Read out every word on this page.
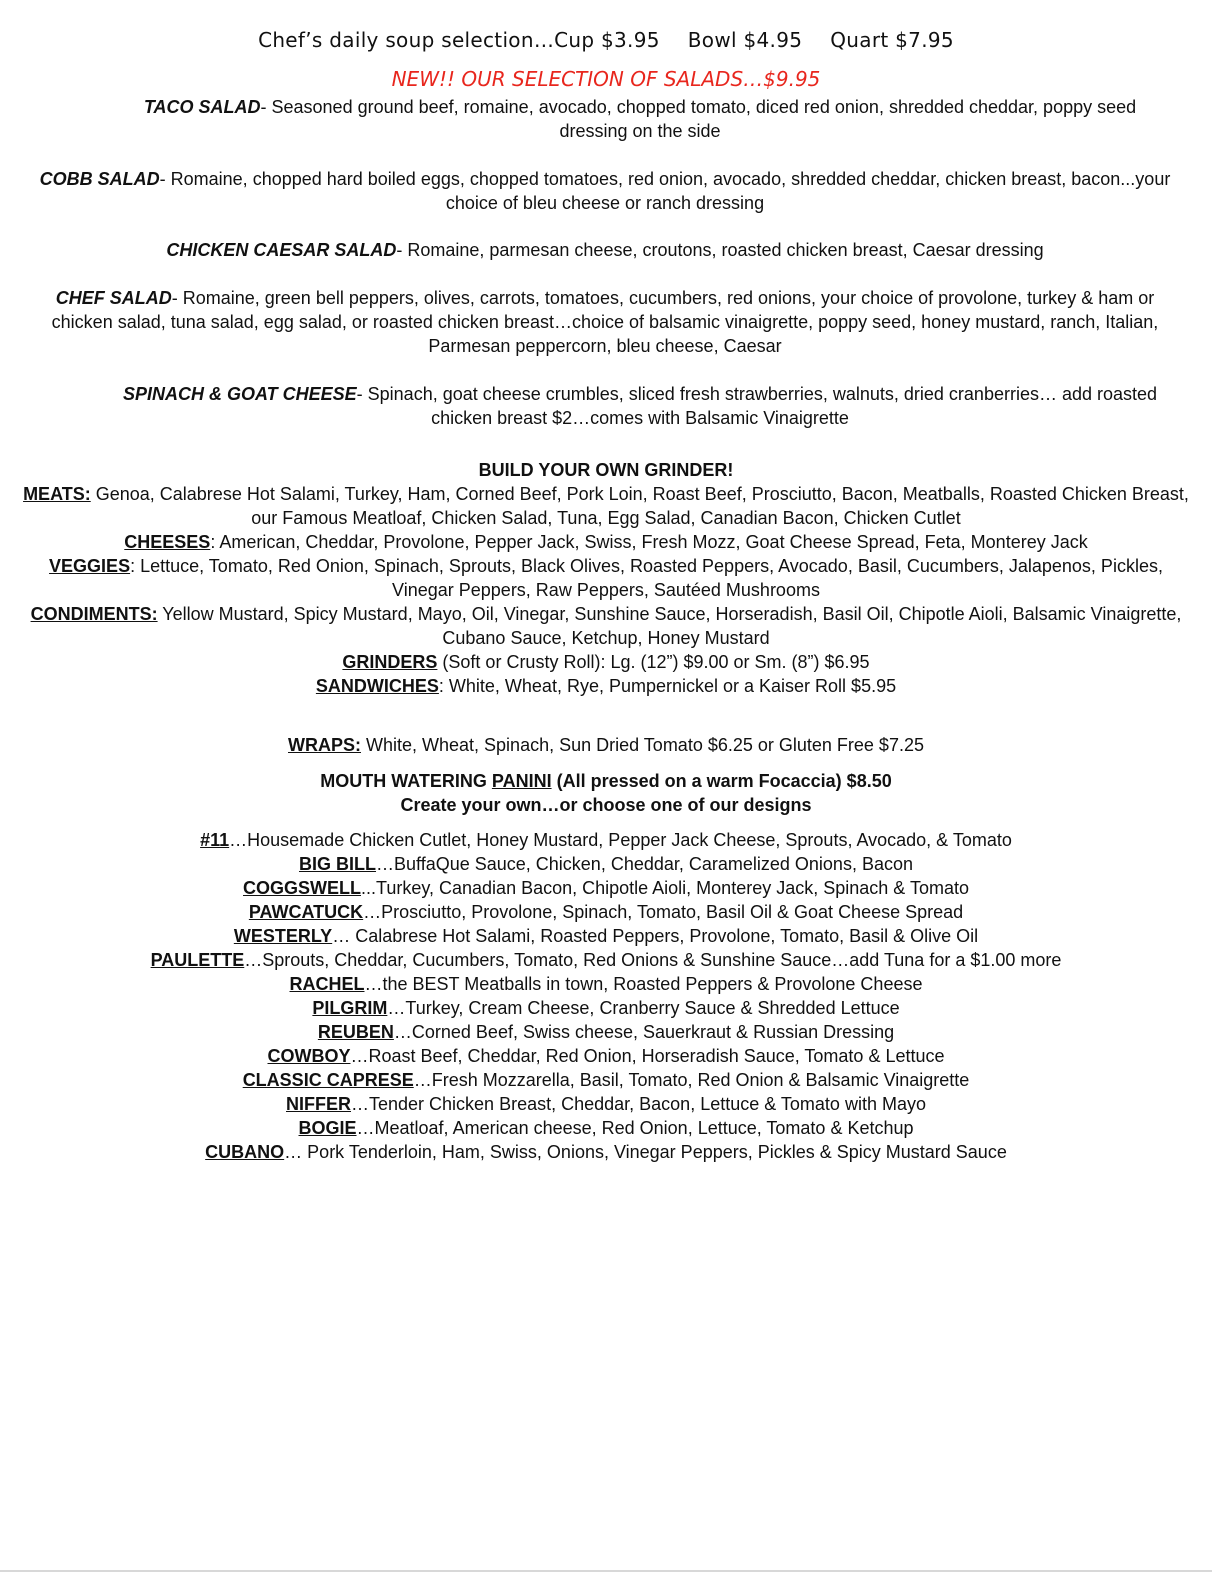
Chef’s daily soup selection…Cup $3.95 Bowl $4.95 Quart $7.95
NEW!! OUR SELECTION OF SALADS…$9.95
TACO SALAD- Seasoned ground beef, romaine, avocado, chopped tomato, diced red onion, shredded cheddar, poppy seed dressing on the side
COBB SALAD- Romaine, chopped hard boiled eggs, chopped tomatoes, red onion, avocado, shredded cheddar, chicken breast, bacon...your choice of bleu cheese or ranch dressing
CHICKEN CAESAR SALAD- Romaine, parmesan cheese, croutons, roasted chicken breast, Caesar dressing
CHEF SALAD- Romaine, green bell peppers, olives, carrots, tomatoes, cucumbers, red onions, your choice of provolone, turkey & ham or chicken salad, tuna salad, egg salad, or roasted chicken breast…choice of balsamic vinaigrette, poppy seed, honey mustard, ranch, Italian, Parmesan peppercorn, bleu cheese, Caesar
SPINACH & GOAT CHEESE- Spinach, goat cheese crumbles, sliced fresh strawberries, walnuts, dried cranberries… add roasted chicken breast $2…comes with Balsamic Vinaigrette
BUILD YOUR OWN GRINDER!
MEATS: Genoa, Calabrese Hot Salami, Turkey, Ham, Corned Beef, Pork Loin, Roast Beef, Prosciutto, Bacon, Meatballs, Roasted Chicken Breast, our Famous Meatloaf, Chicken Salad, Tuna, Egg Salad, Canadian Bacon, Chicken Cutlet
CHEESES: American, Cheddar, Provolone, Pepper Jack, Swiss, Fresh Mozz, Goat Cheese Spread, Feta, Monterey Jack
VEGGIES: Lettuce, Tomato, Red Onion, Spinach, Sprouts, Black Olives, Roasted Peppers, Avocado, Basil, Cucumbers, Jalapenos, Pickles, Vinegar Peppers, Raw Peppers, Sautéed Mushrooms
CONDIMENTS: Yellow Mustard, Spicy Mustard, Mayo, Oil, Vinegar, Sunshine Sauce, Horseradish, Basil Oil, Chipotle Aioli, Balsamic Vinaigrette, Cubano Sauce, Ketchup, Honey Mustard
GRINDERS (Soft or Crusty Roll): Lg. (12”) $9.00 or Sm. (8”) $6.95
SANDWICHES: White, Wheat, Rye, Pumpernickel or a Kaiser Roll $5.95
WRAPS: White, Wheat, Spinach, Sun Dried Tomato $6.25 or Gluten Free $7.25
MOUTH WATERING PANINI (All pressed on a warm Focaccia) $8.50
Create your own…or choose one of our designs
#11…Housemade Chicken Cutlet, Honey Mustard, Pepper Jack Cheese, Sprouts, Avocado, & Tomato
BIG BILL…BuffaQue Sauce, Chicken, Cheddar, Caramelized Onions, Bacon
COGGSWELL...Turkey, Canadian Bacon, Chipotle Aioli, Monterey Jack, Spinach & Tomato
PAWCATUCK…Prosciutto, Provolone, Spinach, Tomato, Basil Oil & Goat Cheese Spread
WESTERLY… Calabrese Hot Salami, Roasted Peppers, Provolone, Tomato, Basil & Olive Oil
PAULETTE…Sprouts, Cheddar, Cucumbers, Tomato, Red Onions & Sunshine Sauce…add Tuna for a $1.00 more
RACHEL…the BEST Meatballs in town, Roasted Peppers & Provolone Cheese
PILGRIM…Turkey, Cream Cheese, Cranberry Sauce & Shredded Lettuce
REUBEN…Corned Beef, Swiss cheese, Sauerkraut & Russian Dressing
COWBOY…Roast Beef, Cheddar, Red Onion, Horseradish Sauce, Tomato & Lettuce
CLASSIC CAPRESE…Fresh Mozzarella, Basil, Tomato, Red Onion & Balsamic Vinaigrette
NIFFER…Tender Chicken Breast, Cheddar, Bacon, Lettuce & Tomato with Mayo
BOGIE…Meatloaf, American cheese, Red Onion, Lettuce, Tomato & Ketchup
CUBANO… Pork Tenderloin, Ham, Swiss, Onions, Vinegar Peppers, Pickles & Spicy Mustard Sauce
